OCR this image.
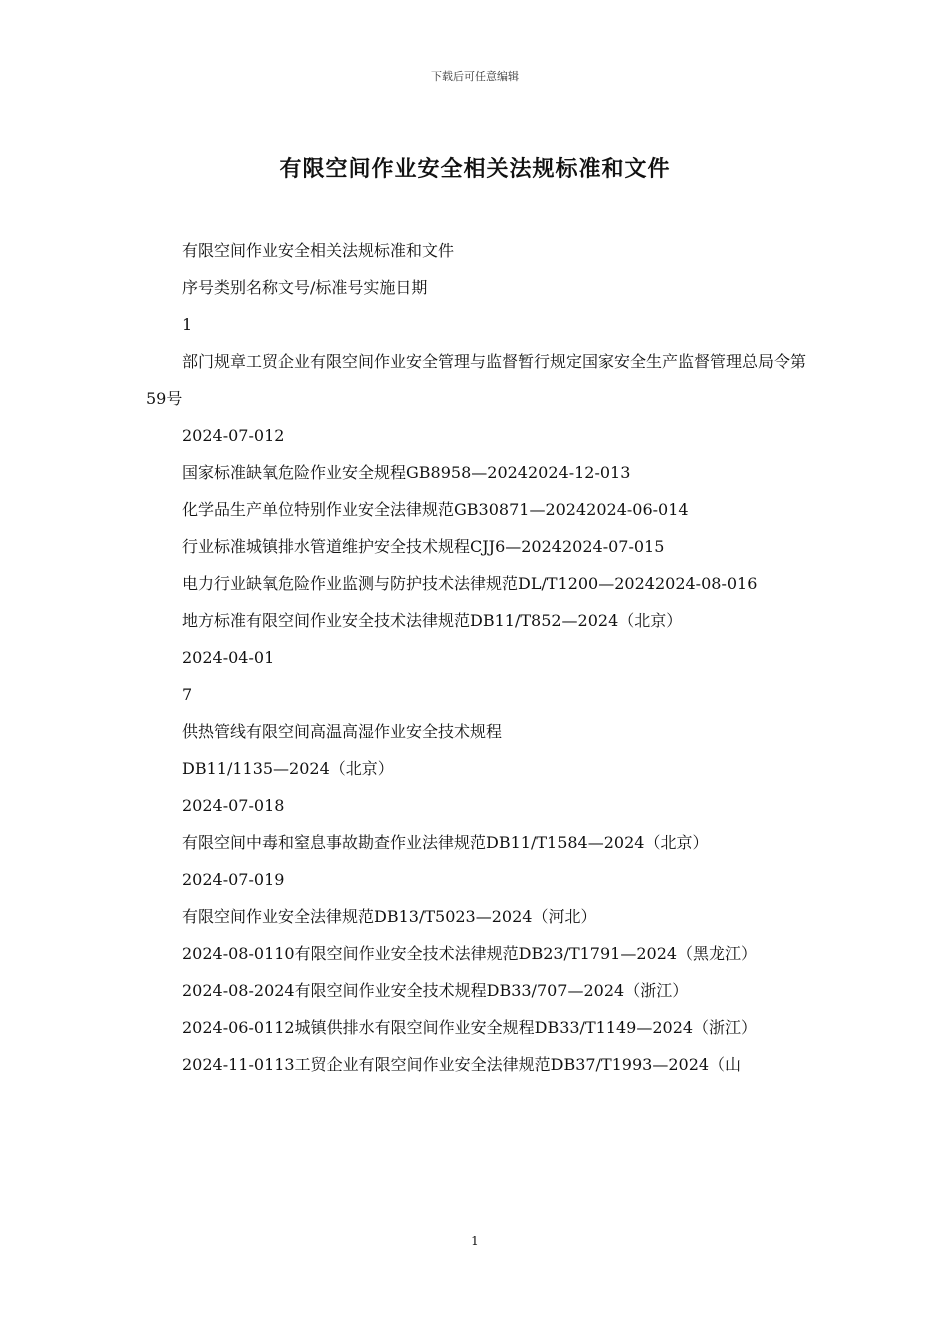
下载后可任意编辑
有限空间作业安全相关法规标准和文件

有限空间作业安全相关法规标准和文件

序号类别名称文号/标准号实施日期

1

部门规章工贸企业有限空间作业安全管理与监督暂行规定国家安全生产监督管理总局令第59号

2024-07-012

国家标准缺氧危险作业安全规程GB8958—20242024-12-013

化学品生产单位特别作业安全法律规范GB30871—20242024-06-014

行业标准城镇排水管道维护安全技术规程CJJ6—20242024-07-015

电力行业缺氧危险作业监测与防护技术法律规范DL/T1200—20242024-08-016

地方标准有限空间作业安全技术法律规范DB11/T852—2024（北京）

2024-04-01

7

供热管线有限空间高温高湿作业安全技术规程

DB11/1135—2024（北京）

2024-07-018

有限空间中毒和窒息事故勘查作业法律规范DB11/T1584—2024（北京）

2024-07-019

有限空间作业安全法律规范DB13/T5023—2024（河北）

2024-08-0110有限空间作业安全技术法律规范DB23/T1791—2024（黑龙江）

2024-08-2024有限空间作业安全技术规程DB33/707—2024（浙江）

2024-06-0112城镇供排水有限空间作业安全规程DB33/T1149—2024（浙江）

2024-11-0113工贸企业有限空间作业安全法律规范DB37/T1993—2024（山

1
